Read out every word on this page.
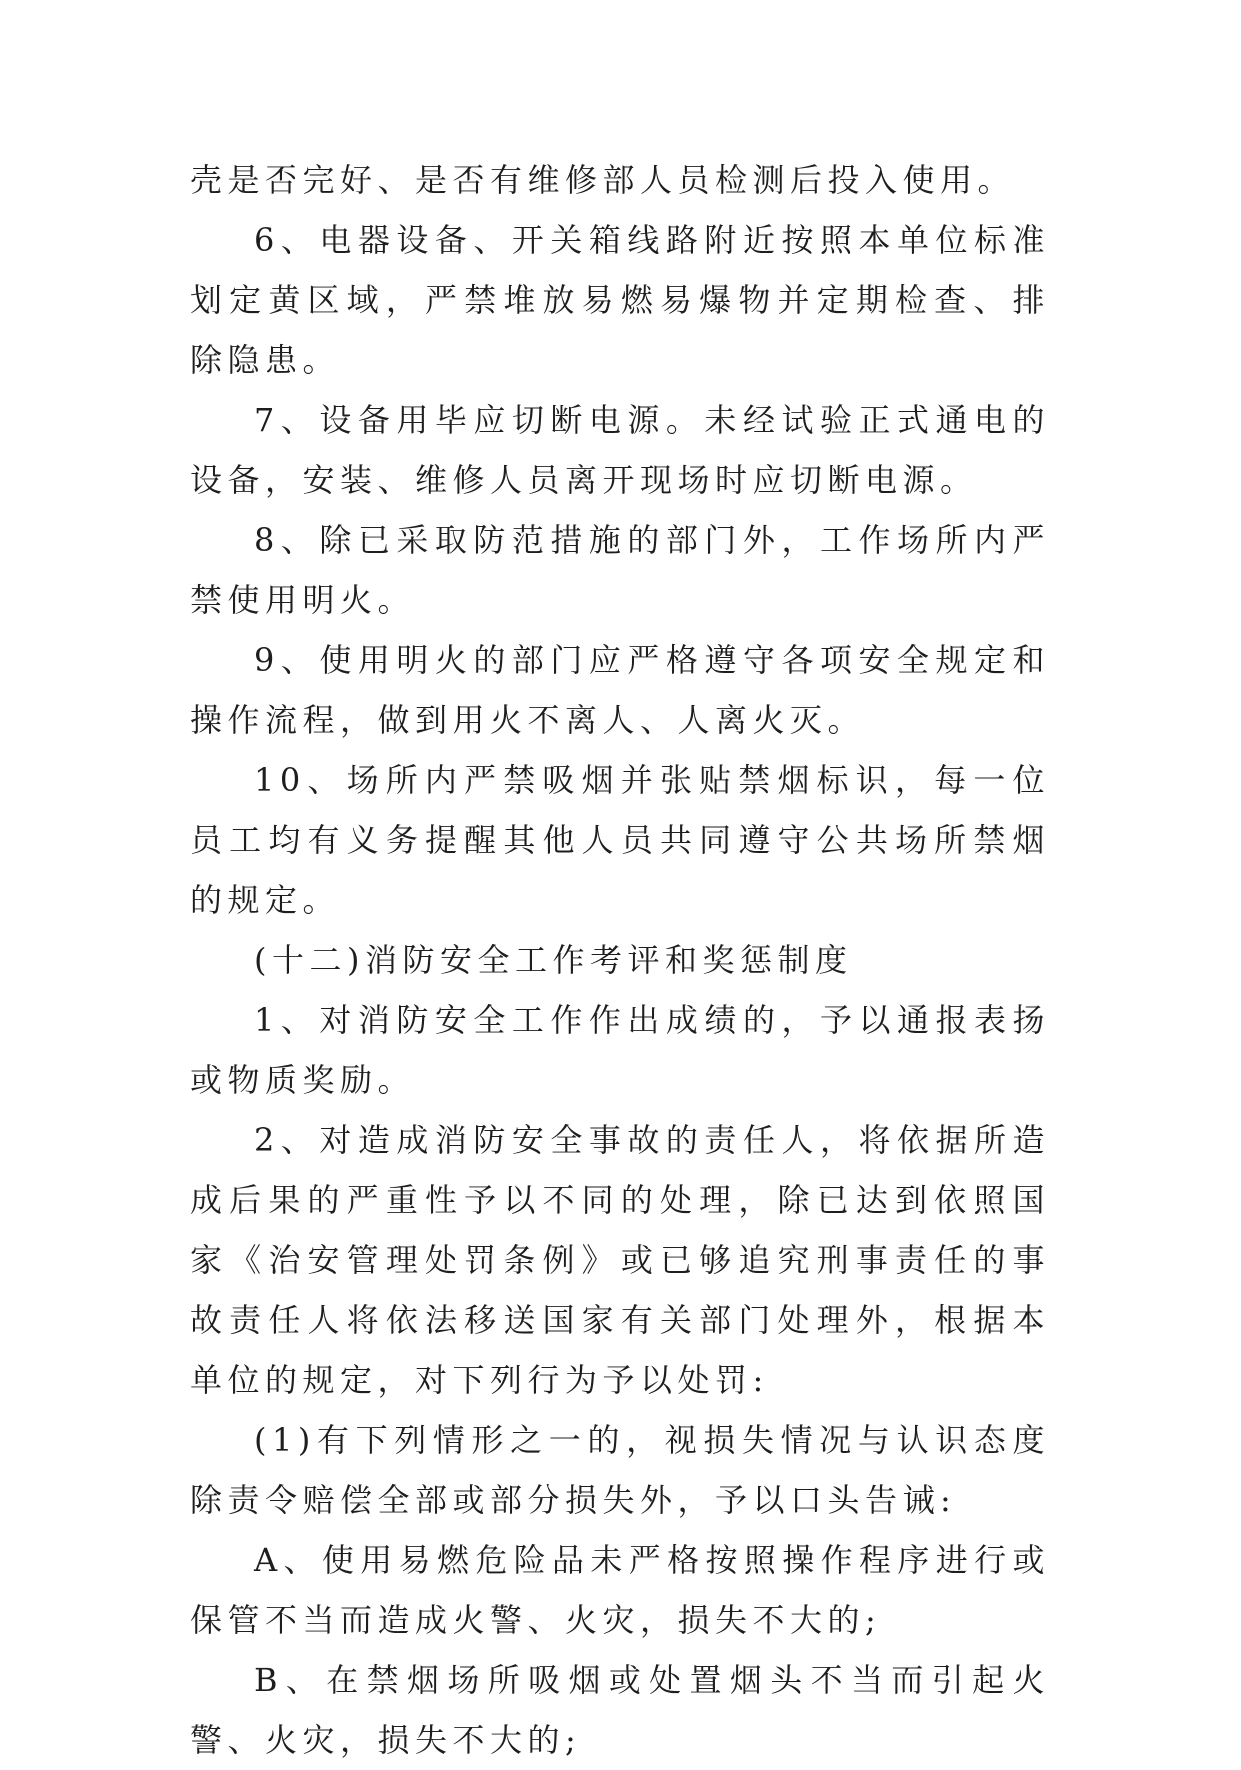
壳是否完好、是否有维修部人员检测后投入使用。

6、电器设备、开关箱线路附近按照本单位标准划定黄区域，严禁堆放易燃易爆物并定期检查、排除隐患。

7、设备用毕应切断电源。未经试验正式通电的设备，安装、维修人员离开现场时应切断电源。

8、除已采取防范措施的部门外，工作场所内严禁使用明火。

9、使用明火的部门应严格遵守各项安全规定和操作流程，做到用火不离人、人离火灭。

10、场所内严禁吸烟并张贴禁烟标识，每一位员工均有义务提醒其他人员共同遵守公共场所禁烟的规定。

(十二)消防安全工作考评和奖惩制度

1、对消防安全工作作出成绩的，予以通报表扬或物质奖励。

2、对造成消防安全事故的责任人，将依据所造成后果的严重性予以不同的处理，除已达到依照国家《治安管理处罚条例》或已够追究刑事责任的事故责任人将依法移送国家有关部门处理外，根据本单位的规定，对下列行为予以处罚:

(1)有下列情形之一的，视损失情况与认识态度除责令赔偿全部或部分损失外，予以口头告诫:

A、使用易燃危险品未严格按照操作程序进行或保管不当而造成火警、火灾，损失不大的;

B、在禁烟场所吸烟或处置烟头不当而引起火警、火灾，损失不大的;
